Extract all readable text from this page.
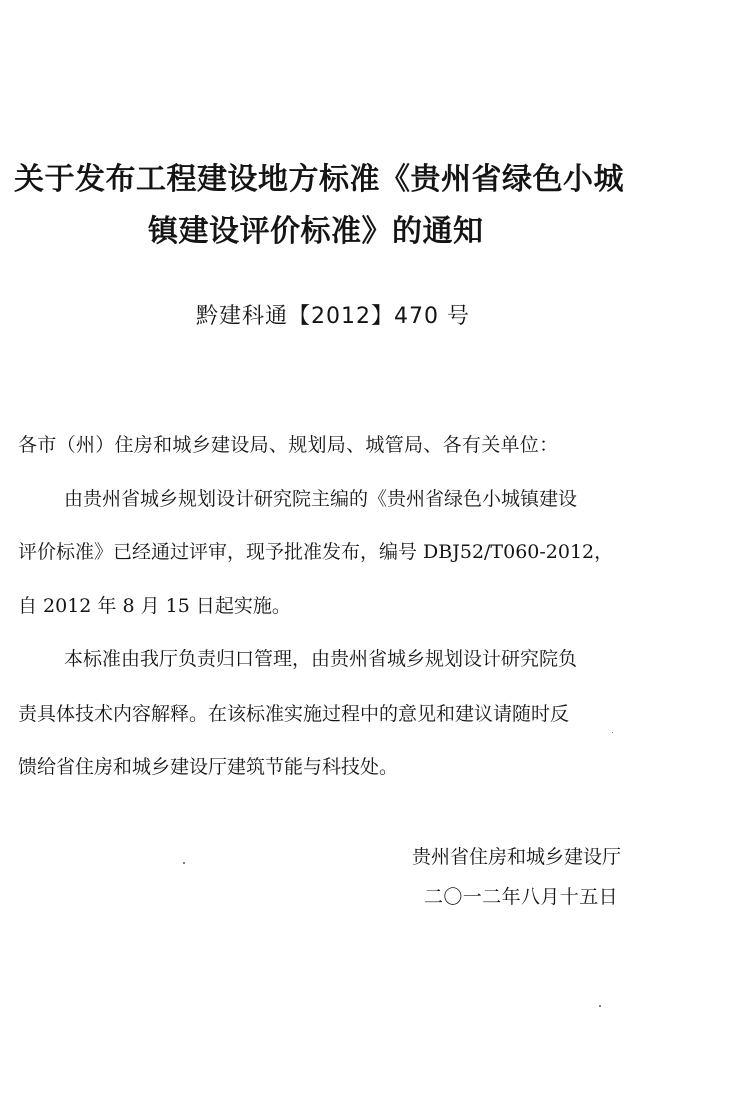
关于发布工程建设地方标准《贵州省绿色小城
镇建设评价标准》的通知
黔建科通【2012】470 号
各市（州）住房和城乡建设局、规划局、城管局、各有关单位：
由贵州省城乡规划设计研究院主编的《贵州省绿色小城镇建设
评价标准》已经通过评审，现予批准发布，编号 DBJ52/T060-2012，
自 2012 年 8 月 15 日起实施。
本标准由我厅负责归口管理，由贵州省城乡规划设计研究院负
责具体技术内容解释。在该标准实施过程中的意见和建议请随时反
馈给省住房和城乡建设厅建筑节能与科技处。
贵州省住房和城乡建设厅
二〇一二年八月十五日
